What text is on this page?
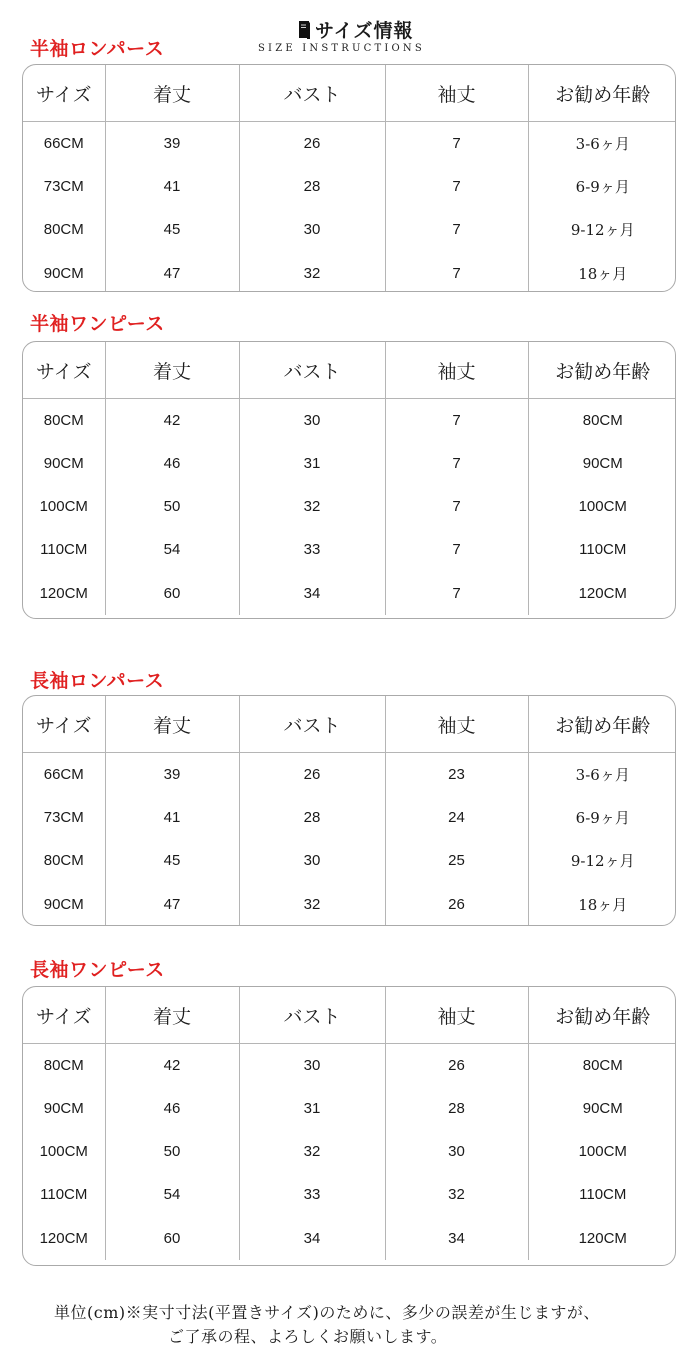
サイズ情報
SIZE INSTRUCTIONS
半袖ロンパース
サイズ	着丈	バスト	袖丈	お勧め年齢
66CM	39	26	7	3-6ヶ月
73CM	41	28	7	6-9ヶ月
80CM	45	30	7	9-12ヶ月
90CM	47	32	7	18ヶ月
半袖ワンピース
サイズ	着丈	バスト	袖丈	お勧め年齢
80CM	42	30	7	80CM
90CM	46	31	7	90CM
100CM	50	32	7	100CM
110CM	54	33	7	110CM
120CM	60	34	7	120CM
長袖ロンパース
サイズ	着丈	バスト	袖丈	お勧め年齢
66CM	39	26	23	3-6ヶ月
73CM	41	28	24	6-9ヶ月
80CM	45	30	25	9-12ヶ月
90CM	47	32	26	18ヶ月
長袖ワンピース
サイズ	着丈	バスト	袖丈	お勧め年齢
80CM	42	30	26	80CM
90CM	46	31	28	90CM
100CM	50	32	30	100CM
110CM	54	33	32	110CM
120CM	60	34	34	120CM
単位(cm)※実寸寸法(平置きサイズ)のために、多少の誤差が生じますが、
ご了承の程、よろしくお願いします。
